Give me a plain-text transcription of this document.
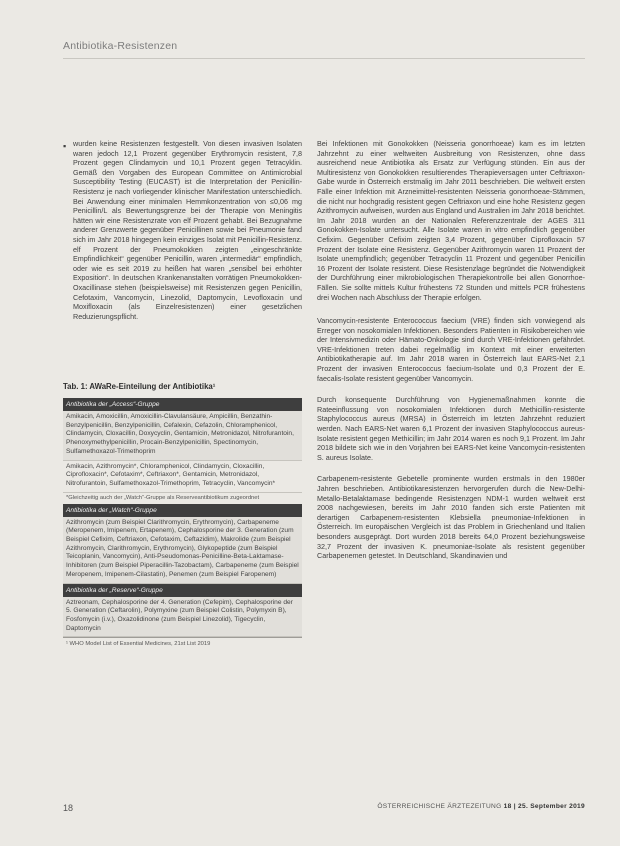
Antibiotika-Resistenzen
▪ wurden keine Resistenzen festgestellt. Von diesen invasiven Isolaten waren jedoch 12,1 Prozent gegenüber Erythromycin resistent, 7,8 Prozent gegen Clindamycin und 10,1 Prozent gegen Tetracyklin. Gemäß den Vorgaben des European Committee on Antimicrobial Susceptibility Testing (EUCAST) ist die Interpretation der Penicillin-Resistenz je nach vorliegender klinischer Manifestation unterschiedlich. Bei Anwendung einer minimalen Hemmkonzentration von ≤0,06 mg Penicillin/L als Bewertungsgrenze bei der Therapie von Meningitis hätten wir eine Resistenzrate von elf Prozent gehabt. Bei Bezugnahme anderer Grenzwerte gegenüber Penicillinen sowie bei Pneumonie fand sich im Jahr 2018 hingegen kein einziges Isolat mit Penicillin-Resistenz. elf Prozent der Pneumokokken zeigten „eingeschränkte Empfindlichkeit“ gegenüber Penicillin, waren „intermediär“ empfindlich, oder wie es seit 2019 zu heißen hat waren „sensibel bei erhöhter Exposition“. In deutschen Krankenanstalten vorrätigen Pneumokokken-Oxacillinase stehen (beispielsweise) mit Resistenzen gegen Penicillin, Cefotaxim, Vancomycin, Linezolid, Daptomycin, Levofloxacin und Moxifloxacin (als Einzelresistenzen) einer gesetzlichen Reduzierungspflicht.

Tab. 1: AWaRe-Einteilung der Antibiotika¹
Antibiotika der „Access“-Gruppe
Amikacin, Amoxicillin, Amoxicillin-Clavulansäure, Ampicillin, Benzathin-Benzylpenicillin, Benzylpenicillin, Cefalexin, Cefazolin, Chloramphenicol, Clindamycin, Cloxacillin, Doxycyclin, Gentamicin, Metronidazol, Nitrofurantoin, Phenoxymethylpenicillin, Procain-Benzylpenicillin, Spectinomycin, Sulfamethoxazol-Trimethoprim
Amikacin, Azithromycin*, Chloramphenicol, Clindamycin, Cloxacillin, Ciprofloxacin*, Cefotaxim*, Ceftriaxon*, Gentamicin, Metronidazol, Nitrofurantoin, Sulfamethoxazol-Trimethoprim, Tetracyclin, Vancomycin*
*Gleichzeitig auch der „Watch“-Gruppe als Reserveantibiotikum zugeordnet
Antibiotika der „Watch“-Gruppe
Azithromycin (zum Beispiel Clarithromycin, Erythromycin), Carbapeneme (Meropenem, Imipenem, Ertapenem), Cephalosporine der 3. Generation (zum Beispiel Cefixim, Ceftriaxon, Cefotaxim, Ceftazidim), Makrolide (zum Beispiel Azithromycin, Clarithromycin, Erythromycin), Glykopeptide (zum Beispiel Teicoplanin, Vancomycin), Anti-Pseudomonas-Penicilline-Beta-Laktamase-Inhibitoren (zum Beispiel Piperacillin-Tazobactam), Carbapeneme (zum Beispiel Meropenem, Imipenem-Cilastatin), Penemen (zum Beispiel Faropenem)
Antibiotika der „Reserve“-Gruppe
Aztreonam, Cephalosporine der 4. Generation (Cefepim), Cephalosporine der 5. Generation (Ceftarolin), Polymyxine (zum Beispiel Colistin, Polymyxin B), Fosfomycin (i.v.), Oxazolidinone (zum Beispiel Linezolid), Tigecyclin, Daptomycin
¹ WHO Model List of Essential Medicines, 21st List 2019

Bei Infektionen mit Gonokokken (Neisseria gonorrhoeae) kam es im letzten Jahrzehnt zu einer weltweiten Ausbreitung von Resistenzen, ohne dass ausreichend neue Antibiotika als Ersatz zur Verfügung stünden. Ein aus der Multiresistenz von Gonokokken resultierendes Therapieversagen unter Ceftriaxon-Gabe wurde in Österreich erstmalig im Jahr 2011 beschrieben. Die weltweit ersten Fälle einer Infektion mit Arzneimittel-resistenten Neisseria gonorrhoeae-Stämmen, die nicht nur hochgradig resistent gegen Ceftriaxon und eine hohe Resistenz gegen Azithromycin aufweisen, wurden aus England und Australien im Jahr 2018 berichtet. Im Jahr 2018 wurden an der Nationalen Referenzzentrale der AGES 311 Gonokokken-Isolate untersucht. Alle Isolate waren in vitro empfindlich gegenüber Cefixim. Gegenüber Cefixim zeigten 3,4 Prozent, gegenüber Ciprofloxacin 57 Prozent der Isolate eine Resistenz. Gegenüber Azithromycin waren 11 Prozent der Isolate unempfindlich; gegenüber Tetracyclin 11 Prozent und gegenüber Penicillin 16 Prozent der Isolate resistent. Diese Resistenzlage begründet die Notwendigkeit der Durchführung einer mikrobiologischen Therapiekontrolle bei allen Gonorrhoe-Fällen. Sie sollte mittels Kultur frühestens 72 Stunden und mittels PCR frühestens drei Wochen nach Abschluss der Therapie erfolgen.

Vancomycin-resistente Enterococcus faecium (VRE) finden sich vorwiegend als Erreger von nosokomialen Infektionen. Besonders Patienten in Risikobereichen wie der Intensivmedizin oder Hämato-Onkologie sind durch VRE-Infektionen gefährdet. VRE-Infektionen treten dabei regelmäßig im Kontext mit einer erweiterten Antibiotikatherapie auf. Im Jahr 2018 waren in Österreich laut EARS-Net 2,1 Prozent der invasiven Enterococcus faecium-Isolate und 0,3 Prozent der E. faecalis-Isolate resistent gegenüber Vancomycin.

Durch konsequente Durchführung von Hygienemaßnahmen konnte die Rateeinflussung von nosokomialen Infektionen durch Methicillin-resistente Staphylococcus aureus (MRSA) in Österreich im letzten Jahrzehnt reduziert werden. Nach EARS-Net waren 6,1 Prozent der invasiven Staphylococcus aureus-Isolate resistent gegen Methicillin; im Jahr 2014 waren es noch 9,1 Prozent. Im Jahr 2018 bildete sich wie in den Vorjahren bei EARS-Net keine Vancomycin-resistenten S. aureus Isolate.

Carbapenem-resistente Gebetelle prominente wurden erstmals in den 1980er Jahren beschrieben. Antibiotikaresistenzen hervorgerufen durch die New-Delhi-Metallo-Betalaktamase bedingende Resistenzgen NDM-1 wurden weltweit erst 2008 nachgewiesen, bereits im Jahr 2010 fanden sich erste Patienten mit derartigen Carbapenem-resistenten Klebsiella pneumoniae-Infektionen in Österreich. Im europäischen Vergleich ist das Problem in Griechenland und Italien besonders ausgeprägt. Dort wurden 2018 bereits 64,0 Prozent beziehungsweise 32,7 Prozent der invasiven K. pneumoniae-Isolate als resistent gegenüber Carbapenemen getestet. In Deutschland, Skandinavien und

18	ÖSTERREICHISCHE ÄRZTEZEITUNG 18 | 25. September 2019
